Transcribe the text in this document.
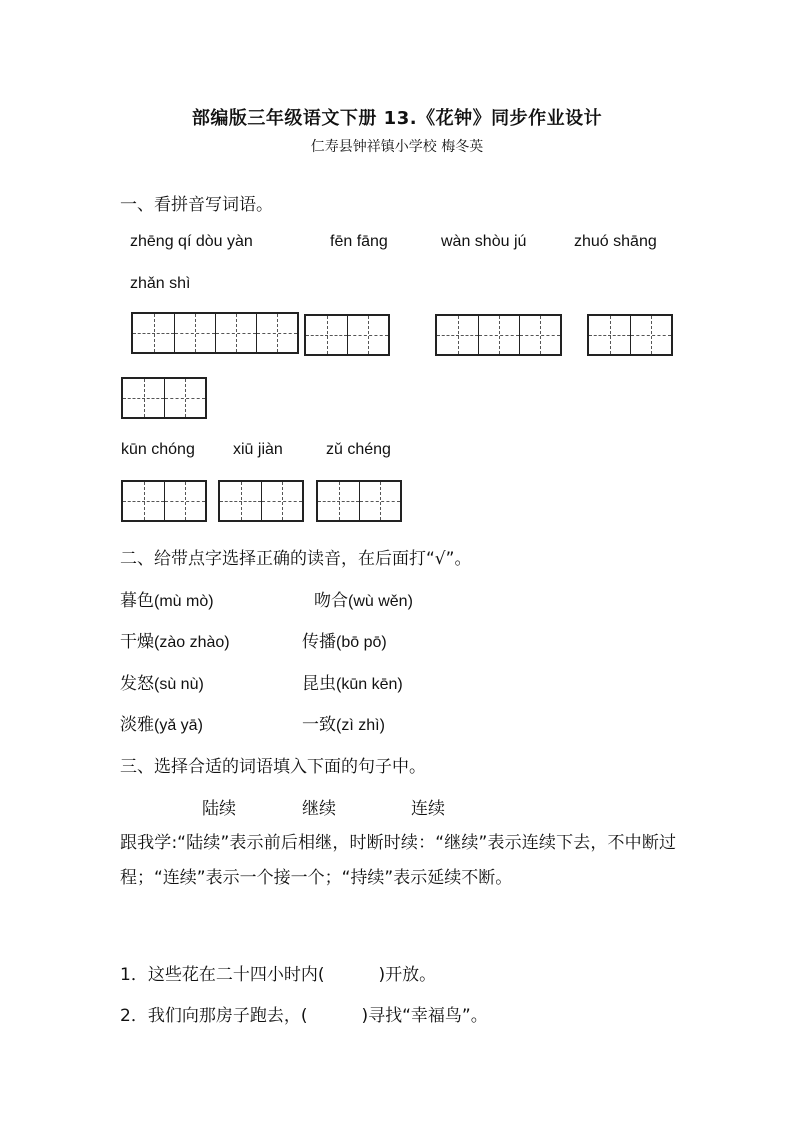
部编版三年级语文下册 13.《花钟》同步作业设计
仁寿县钟祥镇小学校 梅冬英
一、看拼音写词语。
zhēng qí dòu yàn	fēn fāng	wàn shòu jú	zhuó shāng
zhǎn shì
kūn chóng xiū jiàn	zǔ chéng
二、给带点字选择正确的读音，在后面打“√”。
暮色(mù mò)	吻合(wù wěn)
干燥(zào zhào)	传播(bō pō)
发怒(sù nù)	昆虫(kūn kēn)
淡雅(yǎ yā)	一致(zì zhì)
三、选择合适的词语填入下面的句子中。
陆续	继续	连续
跟我学:“陆续”表示前后相继，时断时续：“继续”表示连续下去，不中断过程；“连续”表示一个接一个；“持续”表示延续不断。
1．这些花在二十四小时内(	)开放。
2．我们向那房子跑去，(	)寻找“幸福鸟”。
